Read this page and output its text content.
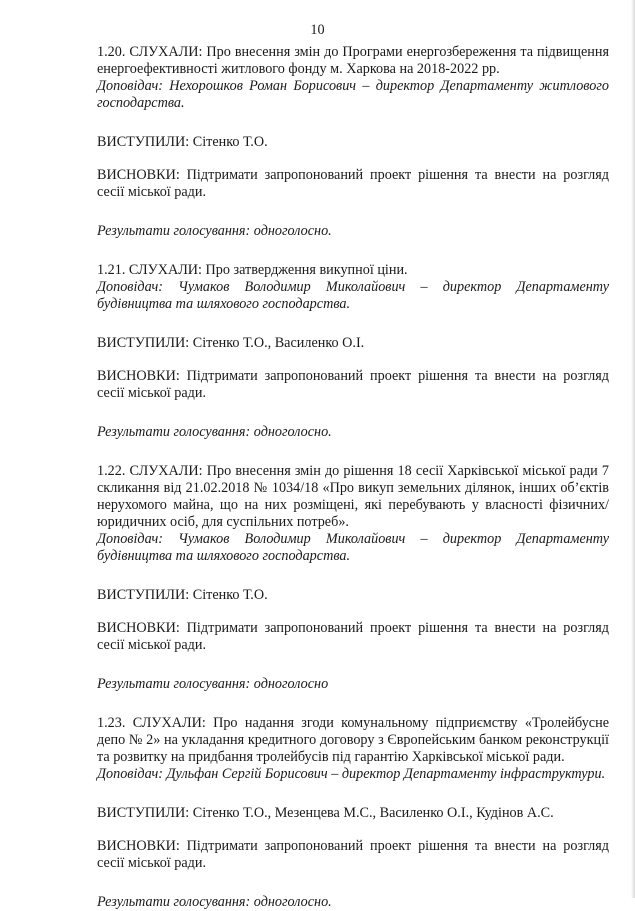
10

1.20. СЛУХАЛИ: Про внесення змін до Програми енергозбереження та підвищення енергоефективності житлового фонду м. Харкова на 2018-2022 рр.

Доповідач: Нехорошков Роман Борисович – директор Департаменту житлового господарства.

ВИСТУПИЛИ: Сітенко Т.О.

ВИСНОВКИ: Підтримати запропонований проект рішення та внести на розгляд сесії міської ради.

Результати голосування: одноголосно.

1.21. СЛУХАЛИ: Про затвердження викупної ціни.

Доповідач: Чумаков Володимир Миколайович – директор Департаменту будівництва та шляхового господарства.

ВИСТУПИЛИ: Сітенко Т.О., Василенко О.І.

ВИСНОВКИ: Підтримати запропонований проект рішення та внести на розгляд сесії міської ради.

Результати голосування: одноголосно.

1.22. СЛУХАЛИ: Про внесення змін до рішення 18 сесії Харківської міської ради 7 скликання від 21.02.2018 № 1034/18 «Про викуп земельних ділянок, інших об’єктів нерухомого майна, що на них розміщені, які перебувають у власності фізичних/юридичних осіб, для суспільних потреб».

Доповідач: Чумаков Володимир Миколайович – директор Департаменту будівництва та шляхового господарства.

ВИСТУПИЛИ: Сітенко Т.О.

ВИСНОВКИ: Підтримати запропонований проект рішення та внести на розгляд сесії міської ради.

Результати голосування: одноголосно

1.23. СЛУХАЛИ: Про надання згоди комунальному підприємству «Тролейбусне депо № 2» на укладання кредитного договору з Європейським банком реконструкції та розвитку на придбання тролейбусів під гарантію Харківської міської ради.

Доповідач: Дульфан Сергій Борисович – директор Департаменту інфраструктури.

ВИСТУПИЛИ: Сітенко Т.О., Мезенцева М.С., Василенко О.І., Кудінов А.С.

ВИСНОВКИ: Підтримати запропонований проект рішення та внести на розгляд сесії міської ради.

Результати голосування: одноголосно.
